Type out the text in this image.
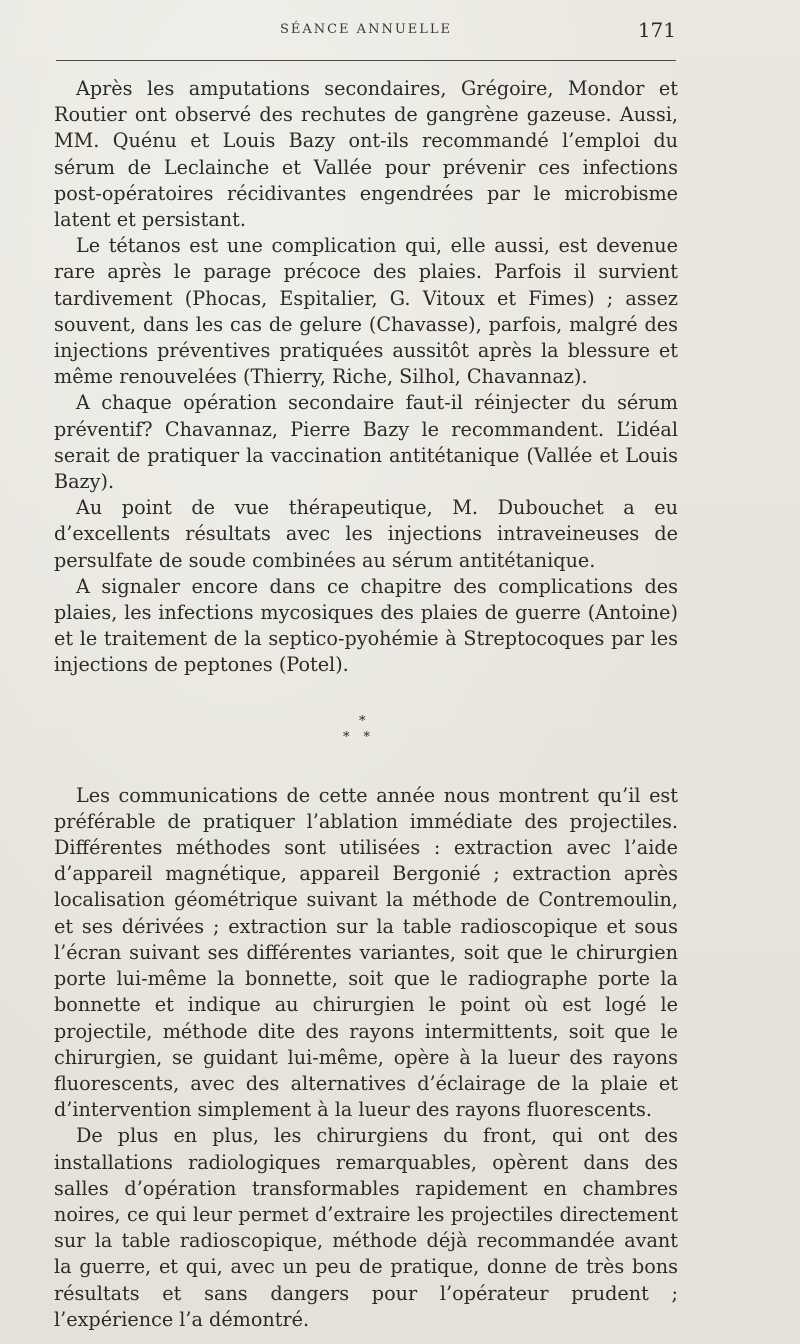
SÉANCE ANNUELLE	171

Après les amputations secondaires, Grégoire, Mondor et Routier ont observé des rechutes de gangrène gazeuse. Aussi, MM. Quénu et Louis Bazy ont-ils recommandé l’emploi du sérum de Leclainche et Vallée pour prévenir ces infections post-opératoires récidivantes engendrées par le microbisme latent et persistant.

Le tétanos est une complication qui, elle aussi, est devenue rare après le parage précoce des plaies. Parfois il survient tardivement (Phocas, Espitalier, G. Vitoux et Fimes) ; assez souvent, dans les cas de gelure (Chavasse), parfois, malgré des injections préventives pratiquées aussitôt après la blessure et même renouvelées (Thierry, Riche, Silhol, Chavannaz).

A chaque opération secondaire faut-il réinjecter du sérum préventif? Chavannaz, Pierre Bazy le recommandent. L’idéal serait de pratiquer la vaccination antitétanique (Vallée et Louis Bazy).

Au point de vue thérapeutique, M. Dubouchet a eu d’excellents résultats avec les injections intraveineuses de persulfate de soude combinées au sérum antitétanique.

A signaler encore dans ce chapitre des complications des plaies, les infections mycosiques des plaies de guerre (Antoine) et le traitement de la septico-pyohémie à Streptocoques par les injections de peptones (Potel).

*
**

Les communications de cette année nous montrent qu’il est préférable de pratiquer l’ablation immédiate des projectiles. Différentes méthodes sont utilisées : extraction avec l’aide d’appareil magnétique, appareil Bergonié ; extraction après localisation géométrique suivant la méthode de Contremoulin, et ses dérivées ; extraction sur la table radioscopique et sous l’écran suivant ses différentes variantes, soit que le chirurgien porte lui-même la bonnette, soit que le radiographe porte la bonnette et indique au chirurgien le point où est logé le projectile, méthode dite des rayons intermittents, soit que le chirurgien, se guidant lui-même, opère à la lueur des rayons fluorescents, avec des alternatives d’éclairage de la plaie et d’intervention simplement à la lueur des rayons fluorescents.

De plus en plus, les chirurgiens du front, qui ont des installations radiologiques remarquables, opèrent dans des salles d’opération transformables rapidement en chambres noires, ce qui leur permet d’extraire les projectiles directement sur la table radioscopique, méthode déjà recommandée avant la guerre, et qui, avec un peu de pratique, donne de très bons résultats et sans dangers pour l’opérateur prudent ; l’expérience l’a démontré.
